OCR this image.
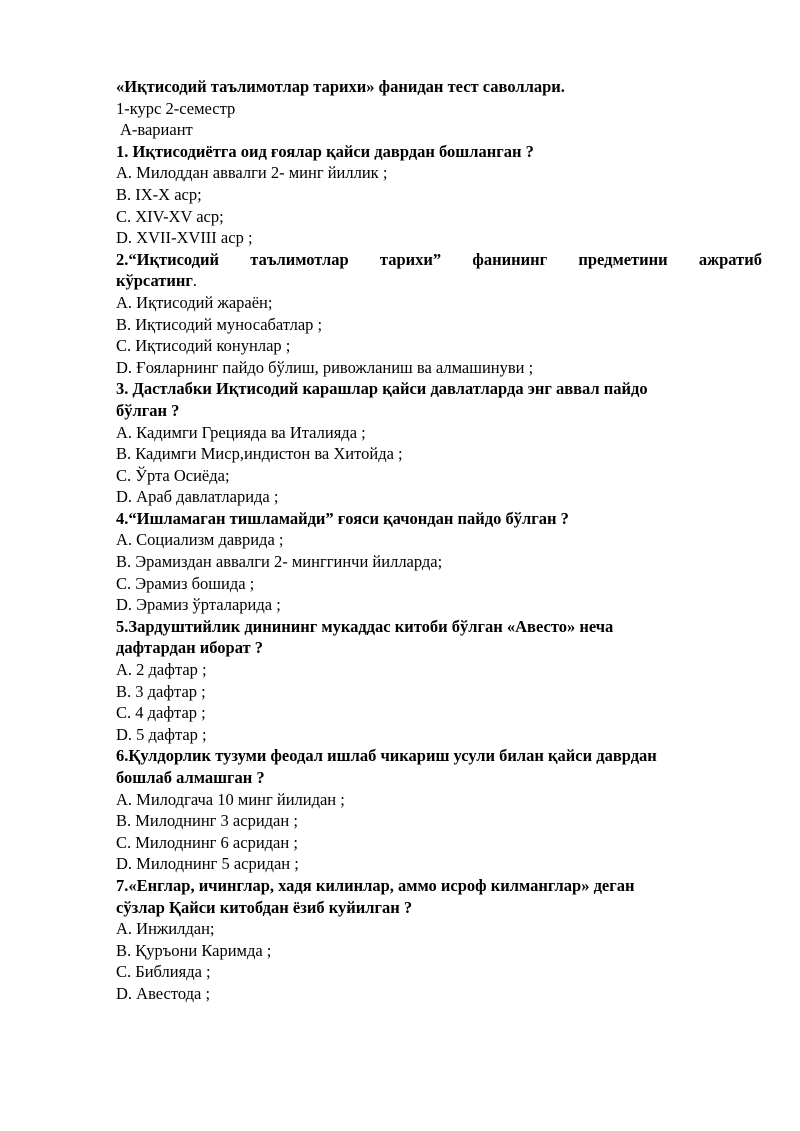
«Иқтисодий таълимотлар тарихи» фанидан тест саволлари.
1-курс 2-семестр
А-вариант
1. Иқтисодиётга оид ғоялар қайси даврдан бошланган ?
A. Милоддан аввалги 2- минг йиллик ;
B. IX-X аср;
C. XIV-XV аср;
D. XVII-XVIII аср ;
2.“Иқтисодий таълимотлар тарихи” фанининг предметини ажратиб
кўрсатинг.
A. Иқтисодий жараён;
B. Иқтисодий муносабатлар ;
C. Иқтисодий конунлар ;
D. Ғояларнинг пайдо бўлиш, ривожланиш ва алмашинуви ;
3. Дастлабки Иқтисодий карашлар қайси давлатларда энг аввал пайдо
бўлган ?
A. Кадимги Грецияда ва Италияда ;
B. Кадимги Миср,индистон ва Хитойда ;
C. Ўрта Осиёда;
D. Араб давлатларида ;
4.“Ишламаган тишламайди” ғояси қачондан пайдо бўлган ?
A. Социализм даврида ;
B. Эрамиздан аввалги 2- минггинчи йилларда;
C. Эрамиз бошида ;
D. Эрамиз ўрталарида ;
5.Зардуштийлик динининг мукаддас китоби бўлган «Авесто» неча
дафтардан иборат ?
A. 2 дафтар ;
B. 3 дафтар ;
C. 4 дафтар ;
D. 5 дафтар ;
6.Қулдорлик тузуми феодал ишлаб чикариш усули билан қайси даврдан
бошлаб алмашган ?
A. Милодгача 10 минг йилидан ;
B. Милоднинг 3 асридан ;
C. Милоднинг 6 асридан ;
D. Милоднинг 5 асридан ;
7.«Енглар, ичинглар, хадя килинлар, аммо исроф килманглар» деган
сўзлар Қайси китобдан ёзиб куйилган ?
A. Инжилдан;
B. Қуръони Каримда ;
C. Библияда ;
D. Авестода ;
